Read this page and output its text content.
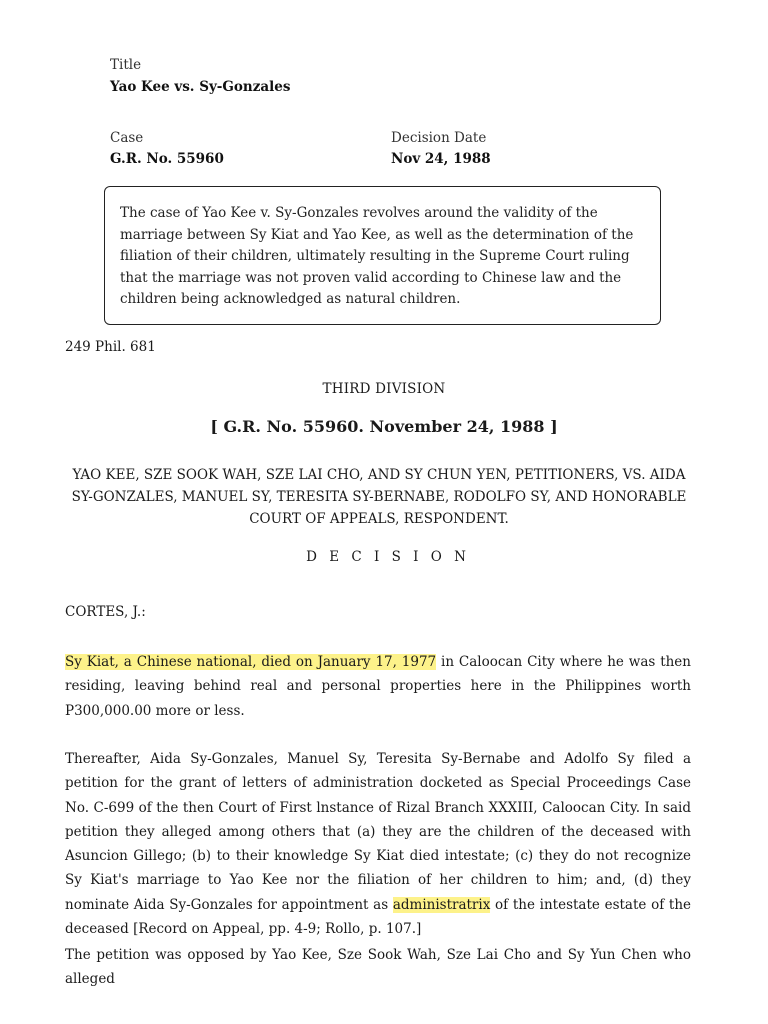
Title
Yao Kee vs. Sy-Gonzales
Case
G.R. No. 55960
Decision Date
Nov 24, 1988
The case of Yao Kee v. Sy-Gonzales revolves around the validity of the marriage between Sy Kiat and Yao Kee, as well as the determination of the filiation of their children, ultimately resulting in the Supreme Court ruling that the marriage was not proven valid according to Chinese law and the children being acknowledged as natural children.
249 Phil. 681
THIRD DIVISION
[ G.R. No. 55960. November 24, 1988 ]
YAO KEE, SZE SOOK WAH, SZE LAI CHO, AND SY CHUN YEN, PETITIONERS, VS. AIDA SY-GONZALES, MANUEL SY, TERESITA SY-BERNABE, RODOLFO SY, AND HONORABLE COURT OF APPEALS, RESPONDENT.
D E C I S I O N
CORTES, J.:

Sy Kiat, a Chinese national, died on January 17, 1977 in Caloocan City where he was then residing, leaving behind real and personal properties here in the Philippines worth P300,000.00 more or less.

Thereafter, Aida Sy-Gonzales, Manuel Sy, Teresita Sy-Bernabe and Adolfo Sy filed a petition for the grant of letters of administration docketed as Special Proceedings Case No. C-699 of the then Court of First lnstance of Rizal Branch XXXIII, Caloocan City. In said petition they alleged among others that (a) they are the children of the deceased with Asuncion Gillego; (b) to their knowledge Sy Kiat died intestate; (c) they do not recognize Sy Kiat's marriage to Yao Kee nor the filiation of her children to him; and, (d) they nominate Aida Sy-Gonzales for appointment as administratrix of the intestate estate of the deceased [Record on Appeal, pp. 4-9; Rollo, p. 107.]

The petition was opposed by Yao Kee, Sze Sook Wah, Sze Lai Cho and Sy Yun Chen who alleged
